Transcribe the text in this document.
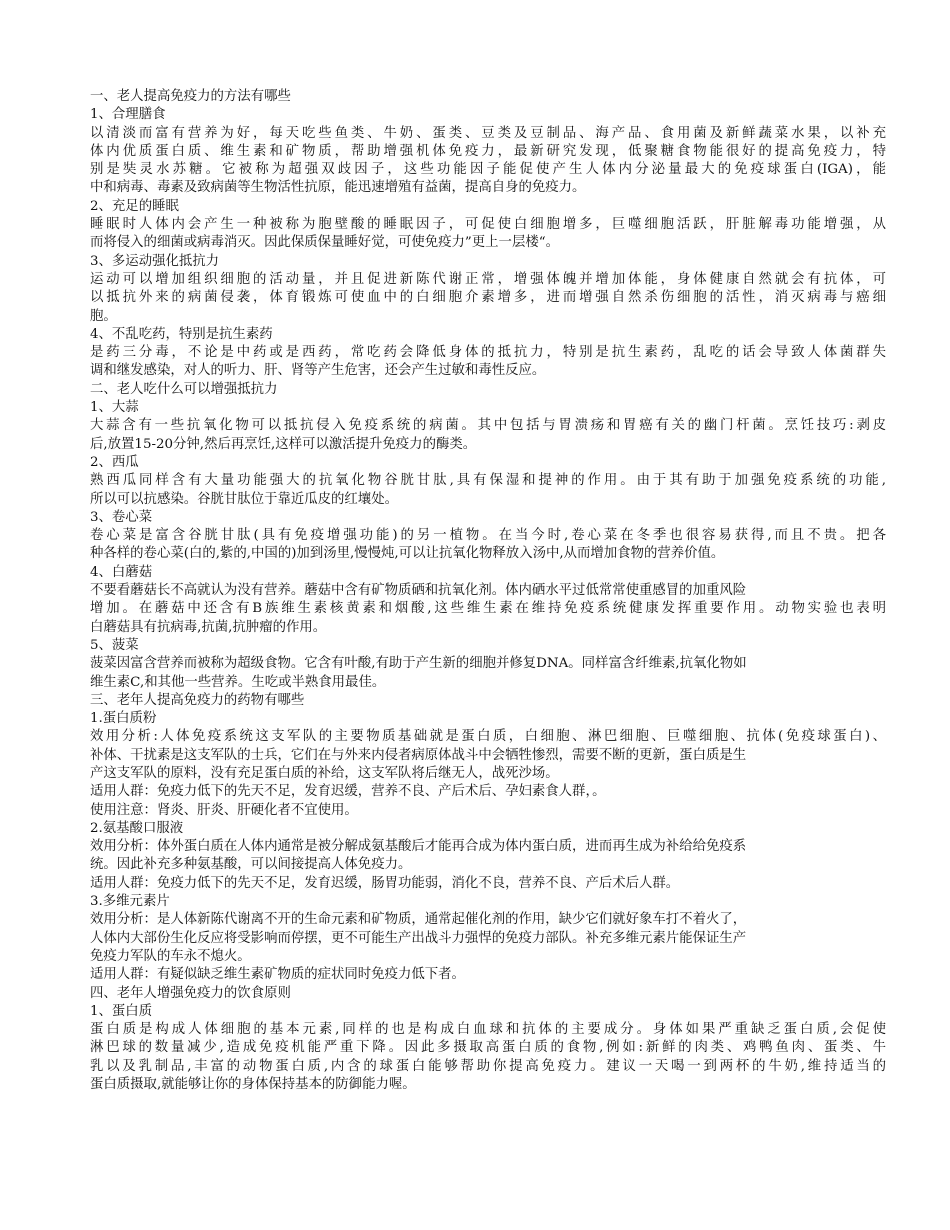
一、老人提高免疫力的方法有哪些
1、合理膳食
以清淡而富有营养为好，每天吃些鱼类、牛奶、蛋类、豆类及豆制品、海产品、食用菌及新鲜蔬菜水果，以补充
体内优质蛋白质、维生素和矿物质，帮助增强机体免疫力，最新研究发现，低聚糖食物能很好的提高免疫力，特
别是奘灵水苏糖。它被称为超强双歧因子，这些功能因子能促使产生人体内分泌量最大的免疫球蛋白(IGA)，能
中和病毒、毒素及致病菌等生物活性抗原，能迅速增殖有益菌，提高自身的免疫力。
2、充足的睡眠
睡眠时人体内会产生一种被称为胞壁酸的睡眠因子，可促使白细胞增多，巨噬细胞活跃，肝脏解毒功能增强，从
而将侵入的细菌或病毒消灭。因此保质保量睡好觉，可使免疫力”更上一层楼“。
3、多运动强化抵抗力
运动可以增加组织细胞的活动量，并且促进新陈代谢正常，增强体魄并增加体能，身体健康自然就会有抗体，可
以抵抗外来的病菌侵袭，体育锻炼可使血中的白细胞介素增多，进而增强自然杀伤细胞的活性，消灭病毒与癌细
胞。
4、不乱吃药，特别是抗生素药
是药三分毒，不论是中药或是西药，常吃药会降低身体的抵抗力，特别是抗生素药，乱吃的话会导致人体菌群失
调和继发感染，对人的听力、肝、肾等产生危害，还会产生过敏和毒性反应。
二、老人吃什么可以增强抵抗力
1、大蒜
大蒜含有一些抗氧化物可以抵抗侵入免疫系统的病菌。其中包括与胃溃疡和胃癌有关的幽门杆菌。烹饪技巧:剥皮
后,放置15-20分钟,然后再烹饪,这样可以激活提升免疫力的酶类。
2、西瓜
熟西瓜同样含有大量功能强大的抗氧化物谷胱甘肽,具有保湿和提神的作用。由于其有助于加强免疫系统的功能,
所以可以抗感染。谷胱甘肽位于靠近瓜皮的红壤处。
3、卷心菜
卷心菜是富含谷胱甘肽(具有免疫增强功能)的另一植物。在当今时,卷心菜在冬季也很容易获得,而且不贵。把各
种各样的卷心菜(白的,紫的,中国的)加到汤里,慢慢炖,可以让抗氧化物释放入汤中,从而增加食物的营养价值。
4、白蘑菇
不要看蘑菇长不高就认为没有营养。蘑菇中含有矿物质硒和抗氧化剂。体内硒水平过低常常使重感冒的加重风险
增加。在蘑菇中还含有B族维生素核黄素和烟酸,这些维生素在维持免疫系统健康发挥重要作用。动物实验也表明
白蘑菇具有抗病毒,抗菌,抗肿瘤的作用。
5、菠菜
菠菜因富含营养而被称为超级食物。它含有叶酸,有助于产生新的细胞并修复DNA。同样富含纤维素,抗氧化物如
维生素C,和其他一些营养。生吃或半熟食用最佳。
三、老年人提高免疫力的药物有哪些
1.蛋白质粉
效用分析:人体免疫系统这支军队的主要物质基础就是蛋白质，白细胞、淋巴细胞、巨噬细胞、抗体(免疫球蛋白)、
补体、干扰素是这支军队的士兵，它们在与外来内侵者病原体战斗中会牺牲惨烈，需要不断的更新，蛋白质是生
产这支军队的原料，没有充足蛋白质的补给，这支军队将后继无人，战死沙场。
适用人群：免疫力低下的先天不足，发育迟缓，营养不良、产后术后、孕妇素食人群，。
使用注意：肾炎、肝炎、肝硬化者不宜使用。
2.氨基酸口服液
效用分析：体外蛋白质在人体内通常是被分解成氨基酸后才能再合成为体内蛋白质，进而再生成为补给给免疫系
统。因此补充多种氨基酸，可以间接提高人体免疫力。
适用人群：免疫力低下的先天不足，发育迟缓，肠胃功能弱，消化不良，营养不良、产后术后人群。
3.多维元素片
效用分析：是人体新陈代谢离不开的生命元素和矿物质，通常起催化剂的作用，缺少它们就好象车打不着火了，
人体内大部份生化反应将受影响而停摆，更不可能生产出战斗力强悍的免疫力部队。补充多维元素片能保证生产
免疫力军队的车永不熄火。
适用人群：有疑似缺乏维生素矿物质的症状同时免疫力低下者。
四、老年人增强免疫力的饮食原则
1、蛋白质
蛋白质是构成人体细胞的基本元素,同样的也是构成白血球和抗体的主要成分。身体如果严重缺乏蛋白质,会促使
淋巴球的数量减少,造成免疫机能严重下降。因此多摄取高蛋白质的食物,例如:新鲜的肉类、鸡鸭鱼肉、蛋类、牛
乳以及乳制品,丰富的动物蛋白质,内含的球蛋白能够帮助你提高免疫力。建议一天喝一到两杯的牛奶,维持适当的
蛋白质摄取,就能够让你的身体保持基本的防御能力喔。
